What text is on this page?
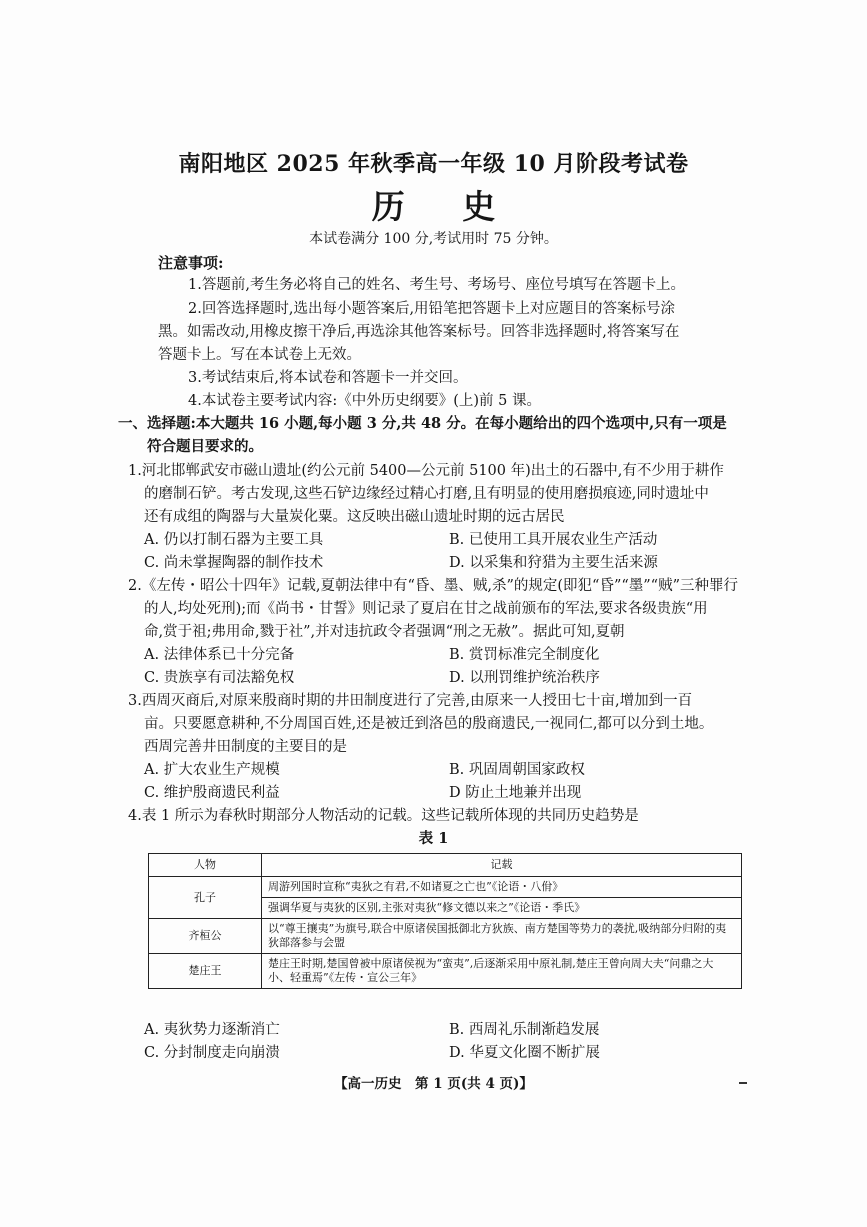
南阳地区 2025 年秋季高一年级 10 月阶段考试卷
历 史
本试卷满分 100 分,考试用时 75 分钟。
注意事项:
1.答题前,考生务必将自己的姓名、考生号、考场号、座位号填写在答题卡上。
2.回答选择题时,选出每小题答案后,用铅笔把答题卡上对应题目的答案标号涂
黑。如需改动,用橡皮擦干净后,再选涂其他答案标号。回答非选择题时,将答案写在
答题卡上。写在本试卷上无效。
3.考试结束后,将本试卷和答题卡一并交回。
4.本试卷主要考试内容:《中外历史纲要》(上)前 5 课。
一、选择题:本大题共 16 小题,每小题 3 分,共 48 分。在每小题给出的四个选项中,只有一项是
符合题目要求的。
1.河北邯郸武安市磁山遗址(约公元前 5400—公元前 5100 年)出土的石器中,有不少用于耕作
的磨制石铲。考古发现,这些石铲边缘经过精心打磨,且有明显的使用磨损痕迹,同时遗址中
还有成组的陶器与大量炭化粟。这反映出磁山遗址时期的远古居民
A. 仍以打制石器为主要工具	B. 已使用工具开展农业生产活动
C. 尚未掌握陶器的制作技术	D. 以采集和狩猎为主要生活来源
2.《左传・昭公十四年》记载,夏朝法律中有“昏、墨、贼,杀”的规定(即犯“昏”“墨”“贼”三种罪行
的人,均处死刑);而《尚书・甘誓》则记录了夏启在甘之战前颁布的军法,要求各级贵族“用
命,赏于祖;弗用命,戮于社”,并对违抗政令者强调“刑之无赦”。据此可知,夏朝
A. 法律体系已十分完备	B. 赏罚标准完全制度化
C. 贵族享有司法豁免权	D. 以刑罚维护统治秩序
3.西周灭商后,对原来殷商时期的井田制度进行了完善,由原来一人授田七十亩,增加到一百
亩。只要愿意耕种,不分周国百姓,还是被迁到洛邑的殷商遗民,一视同仁,都可以分到土地。
西周完善井田制度的主要目的是
A. 扩大农业生产规模	B. 巩固周朝国家政权
C. 维护殷商遗民利益	D 防止土地兼并出现
4.表 1 所示为春秋时期部分人物活动的记载。这些记载所体现的共同历史趋势是
表 1
人物	记载
孔子	周游列国时宣称“夷狄之有君,不如诸夏之亡也”《论语・八佾》
	强调华夏与夷狄的区别,主张对夷狄“修文德以来之”《论语・季氏》
齐桓公	以“尊王攘夷”为旗号,联合中原诸侯国抵御北方狄族、南方楚国等势力的袭扰,吸纳部分归附的夷狄部落参与会盟
楚庄王	楚庄王时期,楚国曾被中原诸侯视为“蛮夷”,后逐渐采用中原礼制,楚庄王曾向周大夫“问鼎之大小、轻重焉”《左传・宣公三年》
A. 夷狄势力逐渐消亡	B. 西周礼乐制渐趋发展
C. 分封制度走向崩溃	D. 华夏文化圈不断扩展
【高一历史　第 1 页(共 4 页)】
